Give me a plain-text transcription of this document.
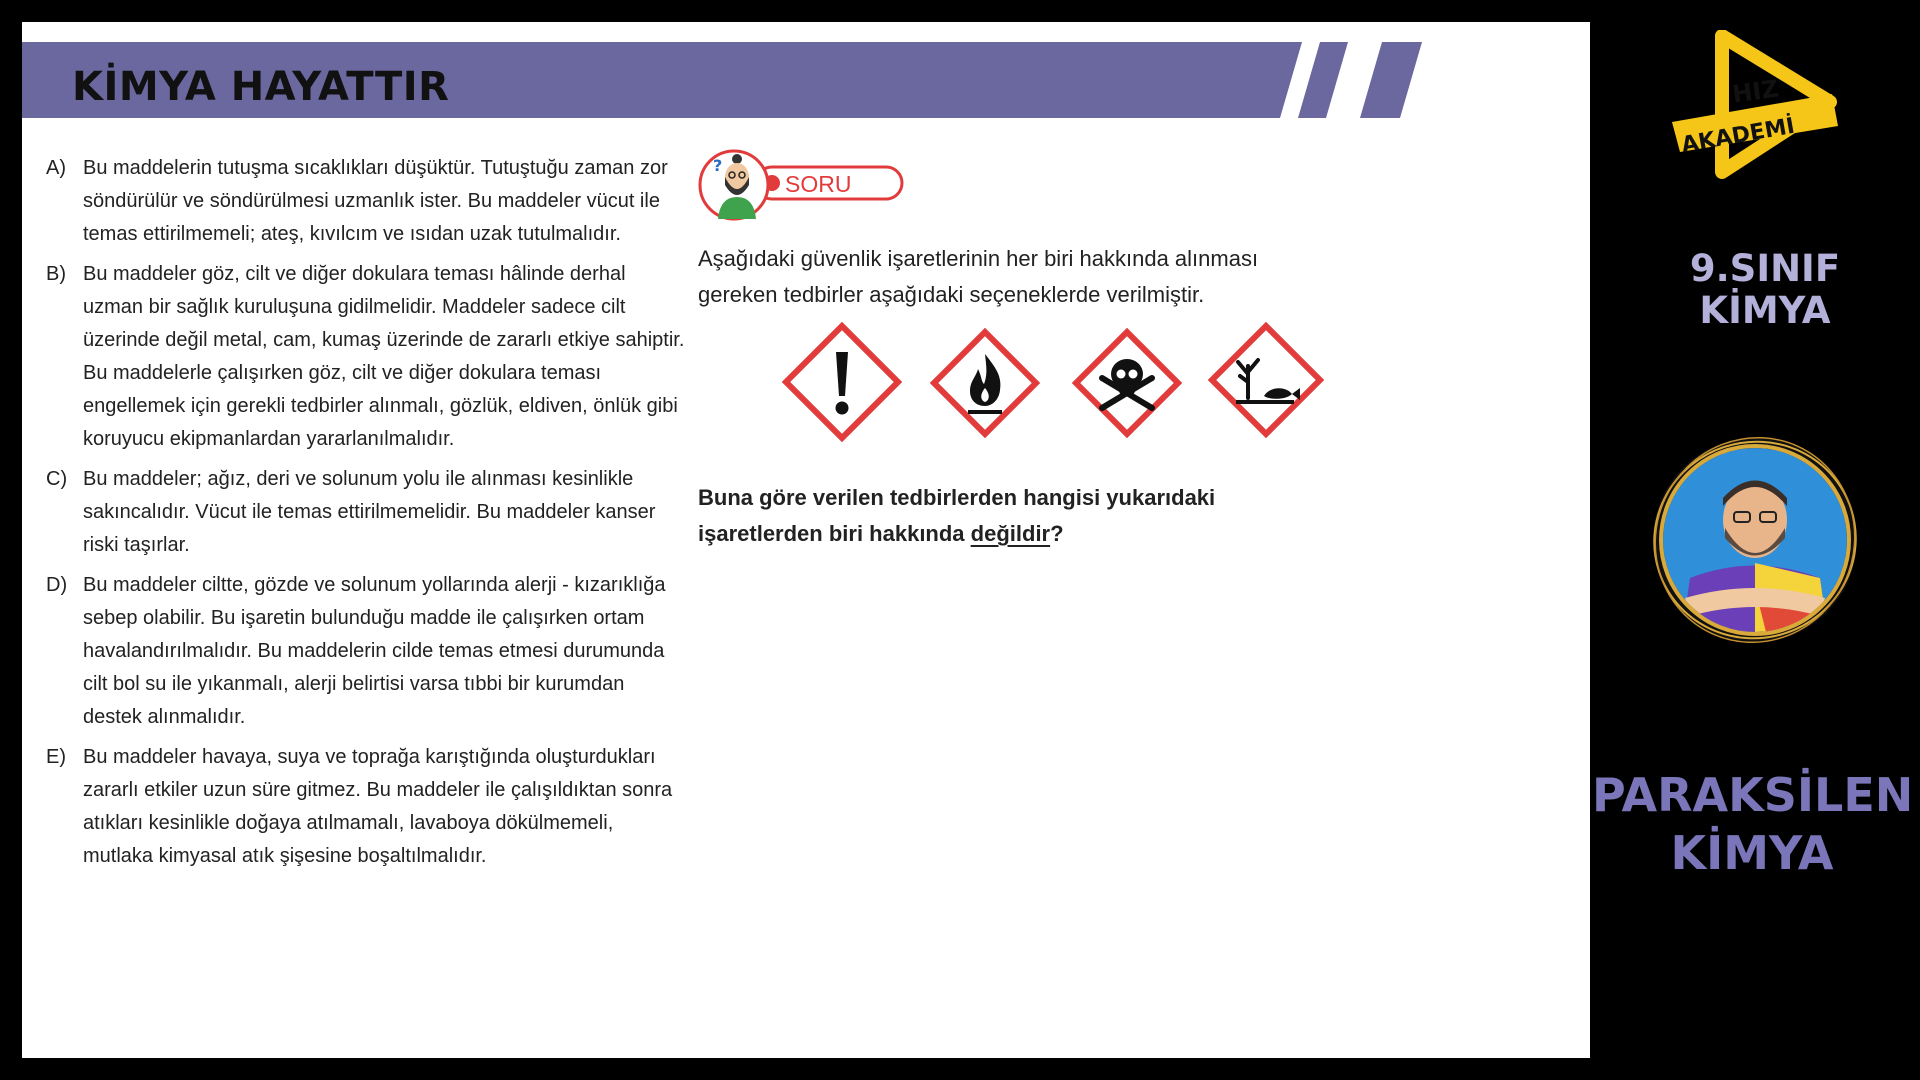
KİMYA HAYATTIR
A) Bu maddelerin tutuşma sıcaklıkları düşüktür. Tutuştuğu zaman zor söndürülür ve söndürülmesi uzmanlık ister. Bu maddeler vücut ile temas ettirilmemeli; ateş, kıvılcım ve ısıdan uzak tutulmalıdır.
B) Bu maddeler göz, cilt ve diğer dokulara teması hâlinde derhal uzman bir sağlık kuruluşuna gidilmelidir. Maddeler sadece cilt üzerinde değil metal, cam, kumaş üzerinde de zararlı etkiye sahiptir. Bu maddelerle çalışırken göz, cilt ve diğer dokulara teması engellemek için gerekli tedbirler alınmalı, gözlük, eldiven, önlük gibi koruyucu ekipmanlardan yararlanılmalıdır.
C) Bu maddeler; ağız, deri ve solunum yolu ile alınması kesinlikle sakıncalıdır. Vücut ile temas ettirilmemelidir. Bu maddeler kanser riski taşırlar.
D) Bu maddeler ciltte, gözde ve solunum yollarında alerji - kızarıklığa sebep olabilir. Bu işaretin bulunduğu madde ile çalışırken ortam havalandırılmalıdır. Bu maddelerin cilde temas etmesi durumunda cilt bol su ile yıkanmalı, alerji belirtisi varsa tıbbi bir kurumdan destek alınmalıdır.
E) Bu maddeler havaya, suya ve toprağa karıştığında oluşturdukları zararlı etkiler uzun süre gitmez. Bu maddeler ile çalışıldıktan sonra atıkları kesinlikle doğaya atılmamalı, lavaboya dökülmemeli, mutlaka kimyasal atık şişesine boşaltılmalıdır.
SORU
?
Aşağıdaki güvenlik işaretlerinin her biri hakkında alınması gereken tedbirler aşağıdaki seçeneklerde verilmiştir.
Buna göre verilen tedbirlerden hangisi yukarıdaki işaretlerden biri hakkında değildir?
HIZ
AKADEMİ
9.SINIF
KİMYA
PARAKSİLEN
KİMYA
